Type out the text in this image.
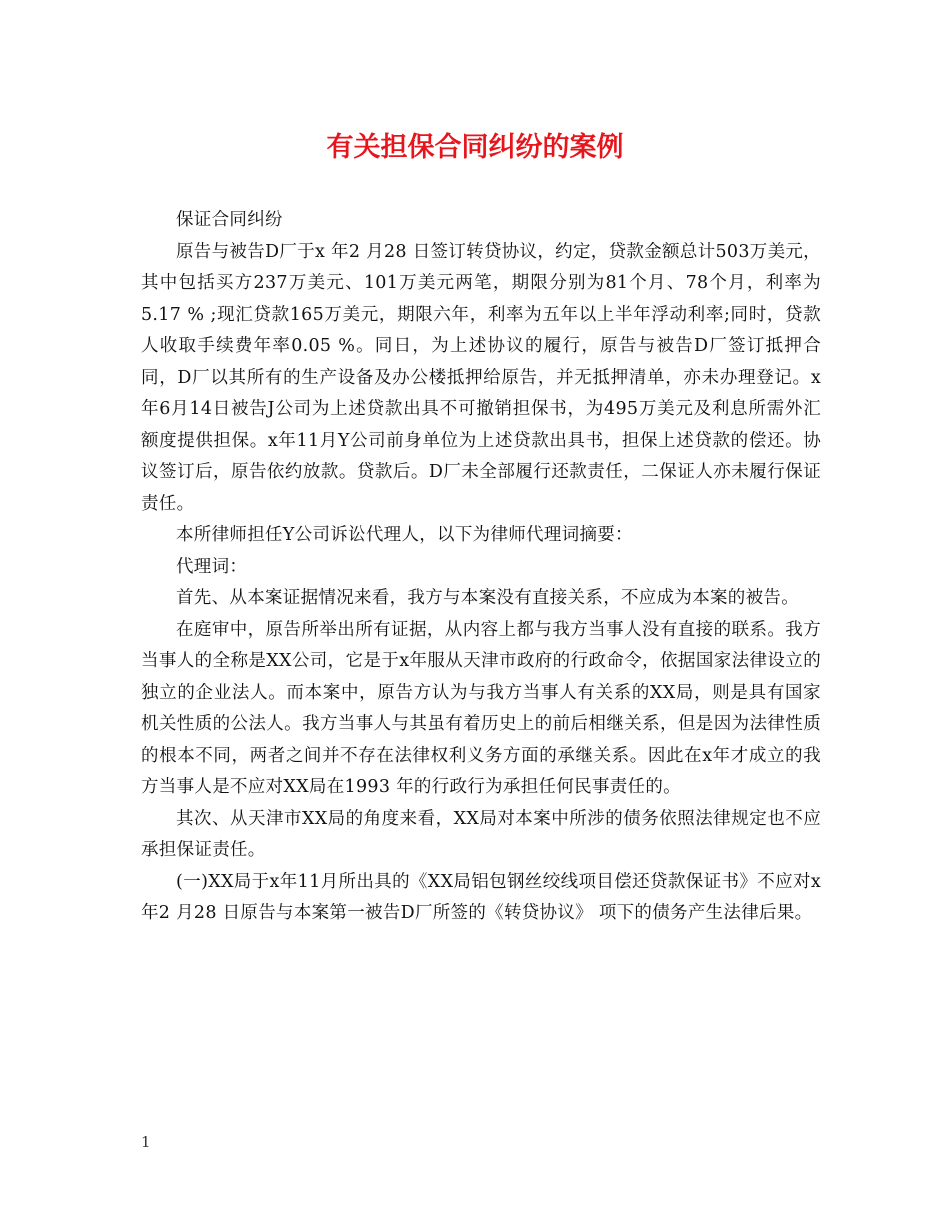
有关担保合同纠纷的案例

保证合同纠纷

原告与被告D厂于x 年2 月28 日签订转贷协议，约定，贷款金额总计503万美元，其中包括买方237万美元、101万美元两笔，期限分别为81个月、78个月，利率为5.17 % ;现汇贷款165万美元，期限六年，利率为五年以上半年浮动利率;同时，贷款人收取手续费年率0.05 %。同日，为上述协议的履行，原告与被告D厂签订抵押合同，D厂以其所有的生产设备及办公楼抵押给原告，并无抵押清单，亦未办理登记。x年6月14日被告J公司为上述贷款出具不可撤销担保书，为495万美元及利息所需外汇额度提供担保。x年11月Y公司前身单位为上述贷款出具书，担保上述贷款的偿还。协议签订后，原告依约放款。贷款后。D厂未全部履行还款责任，二保证人亦未履行保证责任。

本所律师担任Y公司诉讼代理人，以下为律师代理词摘要：

代理词：

首先、从本案证据情况来看，我方与本案没有直接关系，不应成为本案的被告。

在庭审中，原告所举出所有证据，从内容上都与我方当事人没有直接的联系。我方当事人的全称是XX公司，它是于x年服从天津市政府的行政命令，依据国家法律设立的独立的企业法人。而本案中，原告方认为与我方当事人有关系的XX局，则是具有国家机关性质的公法人。我方当事人与其虽有着历史上的前后相继关系，但是因为法律性质的根本不同，两者之间并不存在法律权利义务方面的承继关系。因此在x年才成立的我方当事人是不应对XX局在1993 年的行政行为承担任何民事责任的。

其次、从天津市XX局的角度来看，XX局对本案中所涉的债务依照法律规定也不应承担保证责任。

(一)XX局于x年11月所出具的《XX局铝包钢丝绞线项目偿还贷款保证书》不应对x 年2 月28 日原告与本案第一被告D厂所签的《转贷协议》 项下的债务产生法律后果。

1
